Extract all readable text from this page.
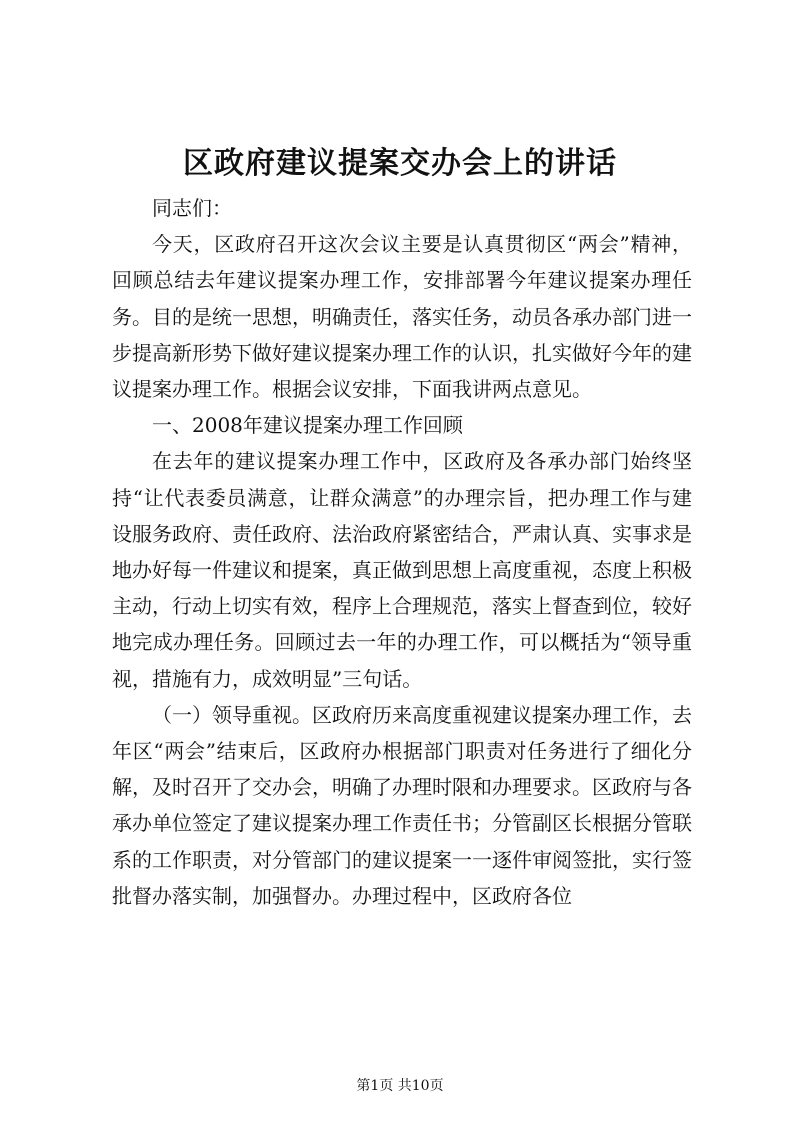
区政府建议提案交办会上的讲话

同志们：

今天，区政府召开这次会议主要是认真贯彻区“两会”精神，回顾总结去年建议提案办理工作，安排部署今年建议提案办理任务。目的是统一思想，明确责任，落实任务，动员各承办部门进一步提高新形势下做好建议提案办理工作的认识，扎实做好今年的建议提案办理工作。根据会议安排，下面我讲两点意见。

一、2008年建议提案办理工作回顾

在去年的建议提案办理工作中，区政府及各承办部门始终坚持“让代表委员满意，让群众满意”的办理宗旨，把办理工作与建设服务政府、责任政府、法治政府紧密结合，严肃认真、实事求是地办好每一件建议和提案，真正做到思想上高度重视，态度上积极主动，行动上切实有效，程序上合理规范，落实上督查到位，较好地完成办理任务。回顾过去一年的办理工作，可以概括为“领导重视，措施有力，成效明显”三句话。

（一）领导重视。区政府历来高度重视建议提案办理工作，去年区“两会”结束后，区政府办根据部门职责对任务进行了细化分解，及时召开了交办会，明确了办理时限和办理要求。区政府与各承办单位签定了建议提案办理工作责任书；分管副区长根据分管联系的工作职责，对分管部门的建议提案一一逐件审阅签批，实行签批督办落实制，加强督办。办理过程中，区政府各位

第1页 共10页
